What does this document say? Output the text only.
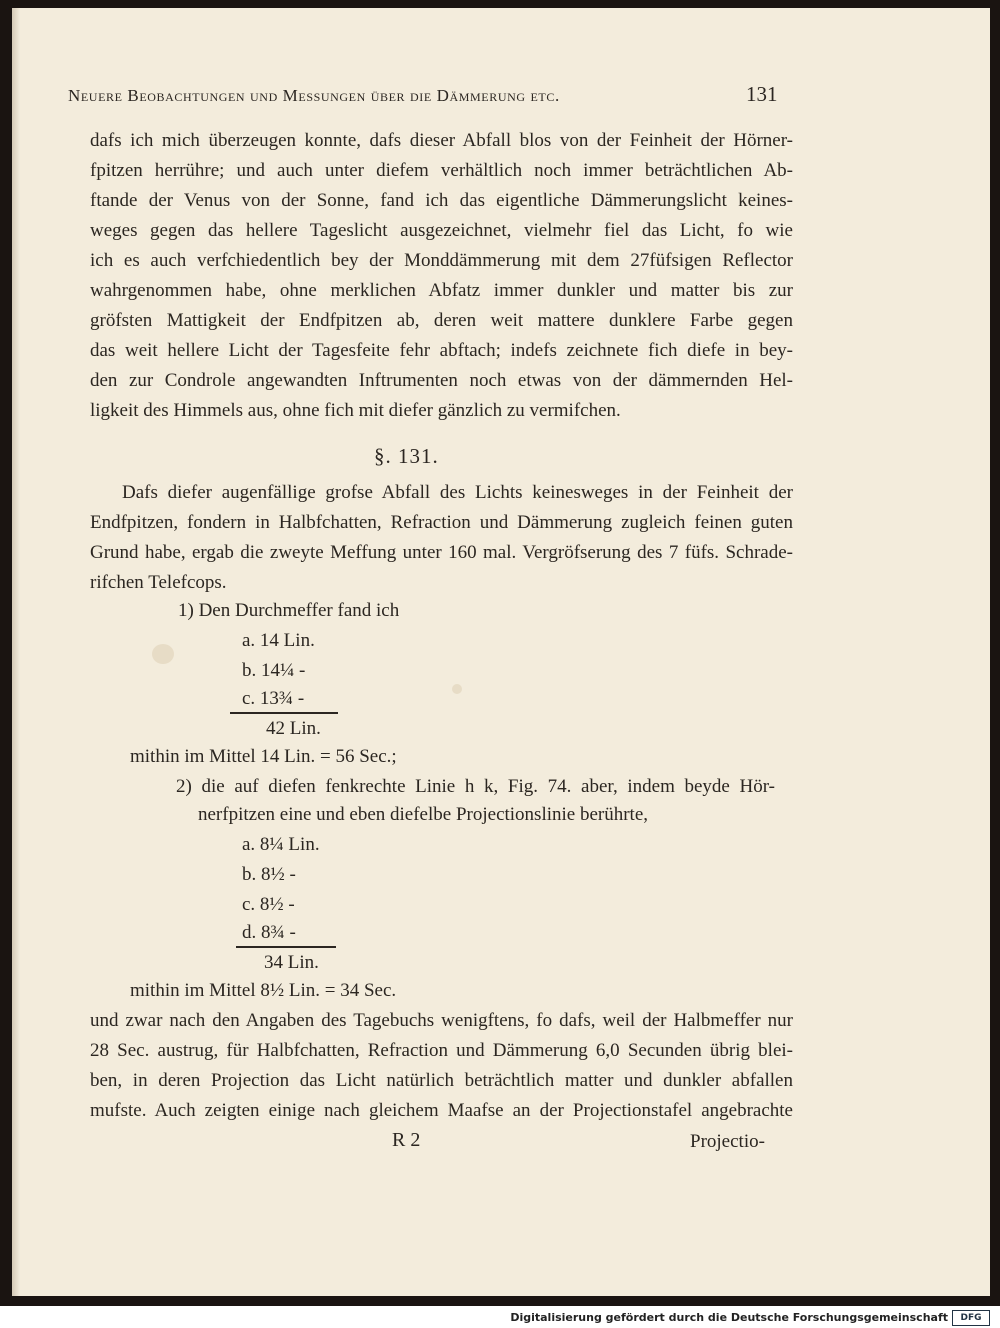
Neuere Beobachtungen und Messungen über die Dämmerung etc.	131
dafs ich mich überzeugen konnte, dafs dieser Abfall blos von der Feinheit der Hörner-
fpitzen herrühre; und auch unter diefem verhältlich noch immer beträchtlichen Ab-
ftande der Venus von der Sonne, fand ich das eigentliche Dämmerungslicht keines-
weges gegen das hellere Tageslicht ausgezeichnet, vielmehr fiel das Licht, fo wie
ich es auch verfchiedentlich bey der Monddämmerung mit dem 27füfsigen Reflector
wahrgenommen habe, ohne merklichen Abfatz immer dunkler und matter bis zur
gröfsten Mattigkeit der Endfpitzen ab, deren weit mattere dunklere Farbe gegen
das weit hellere Licht der Tagesfeite fehr abftach; indefs zeichnete fich diefe in bey-
den zur Condrole angewandten Inftrumenten noch etwas von der dämmernden Hel-
ligkeit des Himmels aus, ohne fich mit diefer gänzlich zu vermifchen.
§. 131.
Dafs diefer augenfällige grofse Abfall des Lichts keinesweges in der Feinheit der
Endfpitzen, fondern in Halbfchatten, Refraction und Dämmerung zugleich feinen guten
Grund habe, ergab die zweyte Meffung unter 160 mal. Vergröfserung des 7 füfs. Schrade-
rifchen Telefcops.
1) Den Durchmeffer fand ich
a. 14 Lin.
b. 14¼ -
c. 13¾ -
42 Lin.
mithin im Mittel 14 Lin. = 56 Sec.;
2) die auf diefen fenkrechte Linie h k, Fig. 74. aber, indem beyde Hör-
nerfpitzen eine und eben diefelbe Projectionslinie berührte,
a. 8¼ Lin.
b. 8½ -
c. 8½ -
d. 8¾ -
34 Lin.
mithin im Mittel 8½ Lin. = 34 Sec.
und zwar nach den Angaben des Tagebuchs wenigftens, fo dafs, weil der Halbmeffer nur
28 Sec. austrug, für Halbfchatten, Refraction und Dämmerung 6,0 Secunden übrig blei-
ben, in deren Projection das Licht natürlich beträchtlich matter und dunkler abfallen
mufste. Auch zeigten einige nach gleichem Maafse an der Projectionstafel angebrachte
R 2	Projectio-
Digitalisierung gefördert durch die Deutsche Forschungsgemeinschaft	DFG
